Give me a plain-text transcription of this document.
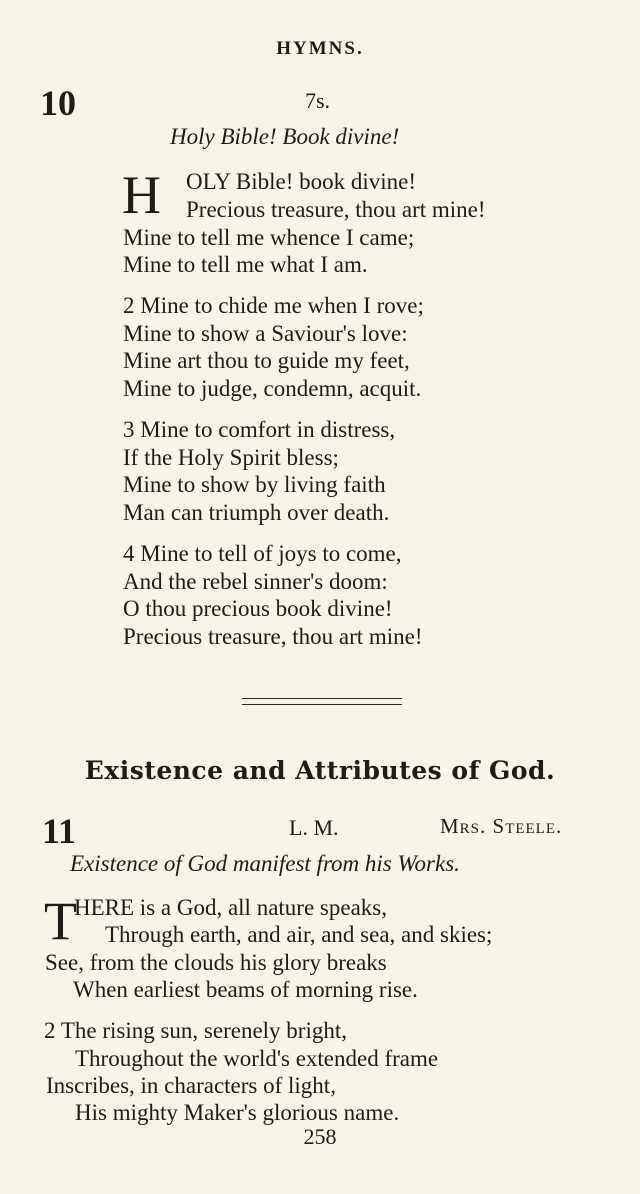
HYMNS.
10	7s.
Holy Bible! Book divine!
H OLY Bible! book divine!
Precious treasure, thou art mine!
Mine to tell me whence I came;
Mine to tell me what I am.
2 Mine to chide me when I rove;
Mine to show a Saviour's love:
Mine art thou to guide my feet,
Mine to judge, condemn, acquit.
3 Mine to comfort in distress,
If the Holy Spirit bless;
Mine to show by living faith
Man can triumph over death.
4 Mine to tell of joys to come,
And the rebel sinner's doom:
O thou precious book divine!
Precious treasure, thou art mine!
Existence and Attributes of God.
11	L. M.	Mrs. Steele.
Existence of God manifest from his Works.
T
HERE is a God, all nature speaks,
Through earth, and air, and sea, and skies;
See, from the clouds his glory breaks
When earliest beams of morning rise.
2 The rising sun, serenely bright,
Throughout the world's extended frame
Inscribes, in characters of light,
His mighty Maker's glorious name.
258
